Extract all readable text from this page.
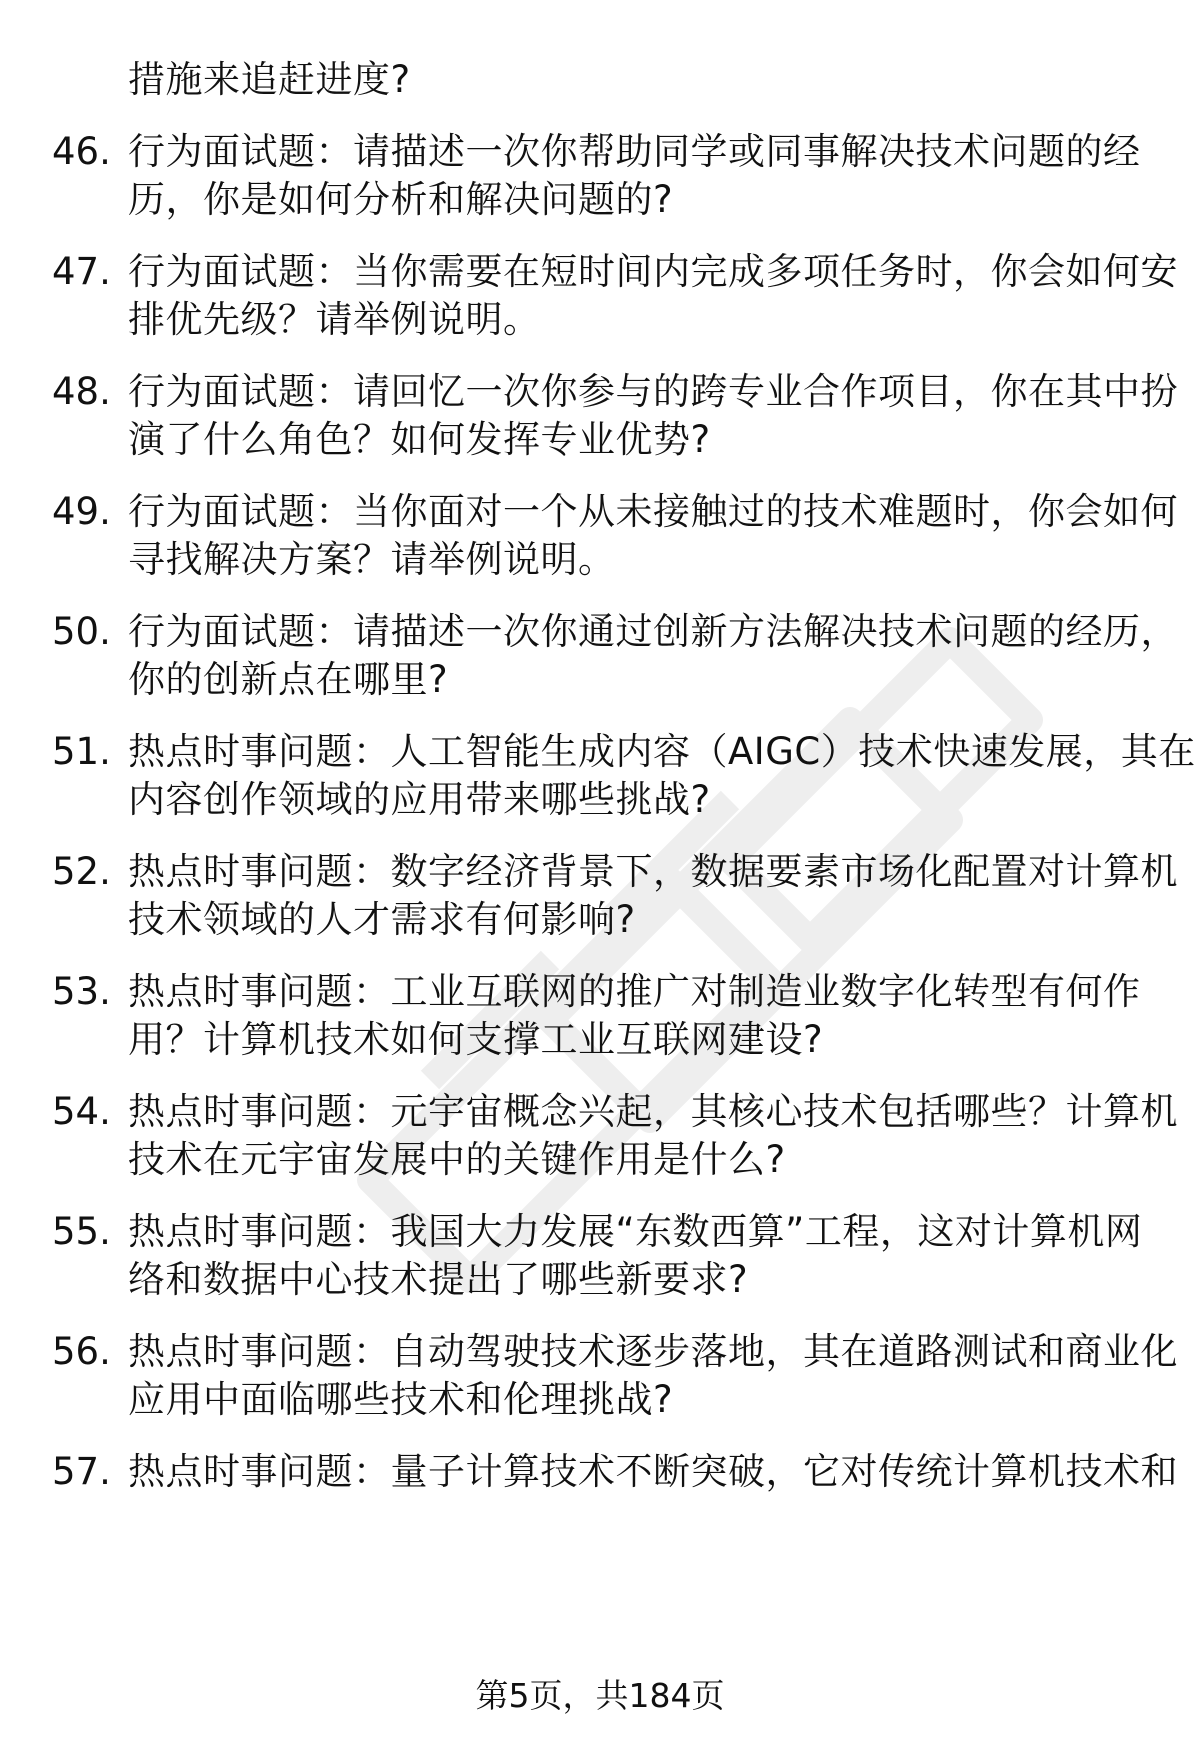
措施来追赶进度?
46. 行为面试题：请描述一次你帮助同学或同事解决技术问题的经
历，你是如何分析和解决问题的?
47. 行为面试题：当你需要在短时间内完成多项任务时，你会如何安
排优先级？请举例说明。
48. 行为面试题：请回忆一次你参与的跨专业合作项目，你在其中扮
演了什么角色？如何发挥专业优势?
49. 行为面试题：当你面对一个从未接触过的技术难题时，你会如何
寻找解决方案？请举例说明。
50. 行为面试题：请描述一次你通过创新方法解决技术问题的经历，
你的创新点在哪里?
51. 热点时事问题：人工智能生成内容（AIGC）技术快速发展，其在
内容创作领域的应用带来哪些挑战?
52. 热点时事问题：数字经济背景下，数据要素市场化配置对计算机
技术领域的人才需求有何影响?
53. 热点时事问题：工业互联网的推广对制造业数字化转型有何作
用？计算机技术如何支撑工业互联网建设?
54. 热点时事问题：元宇宙概念兴起，其核心技术包括哪些？计算机
技术在元宇宙发展中的关键作用是什么?
55. 热点时事问题：我国大力发展“东数西算”工程，这对计算机网
络和数据中心技术提出了哪些新要求?
56. 热点时事问题：自动驾驶技术逐步落地，其在道路测试和商业化
应用中面临哪些技术和伦理挑战?
57. 热点时事问题：量子计算技术不断突破，它对传统计算机技术和
第5页，共184页
